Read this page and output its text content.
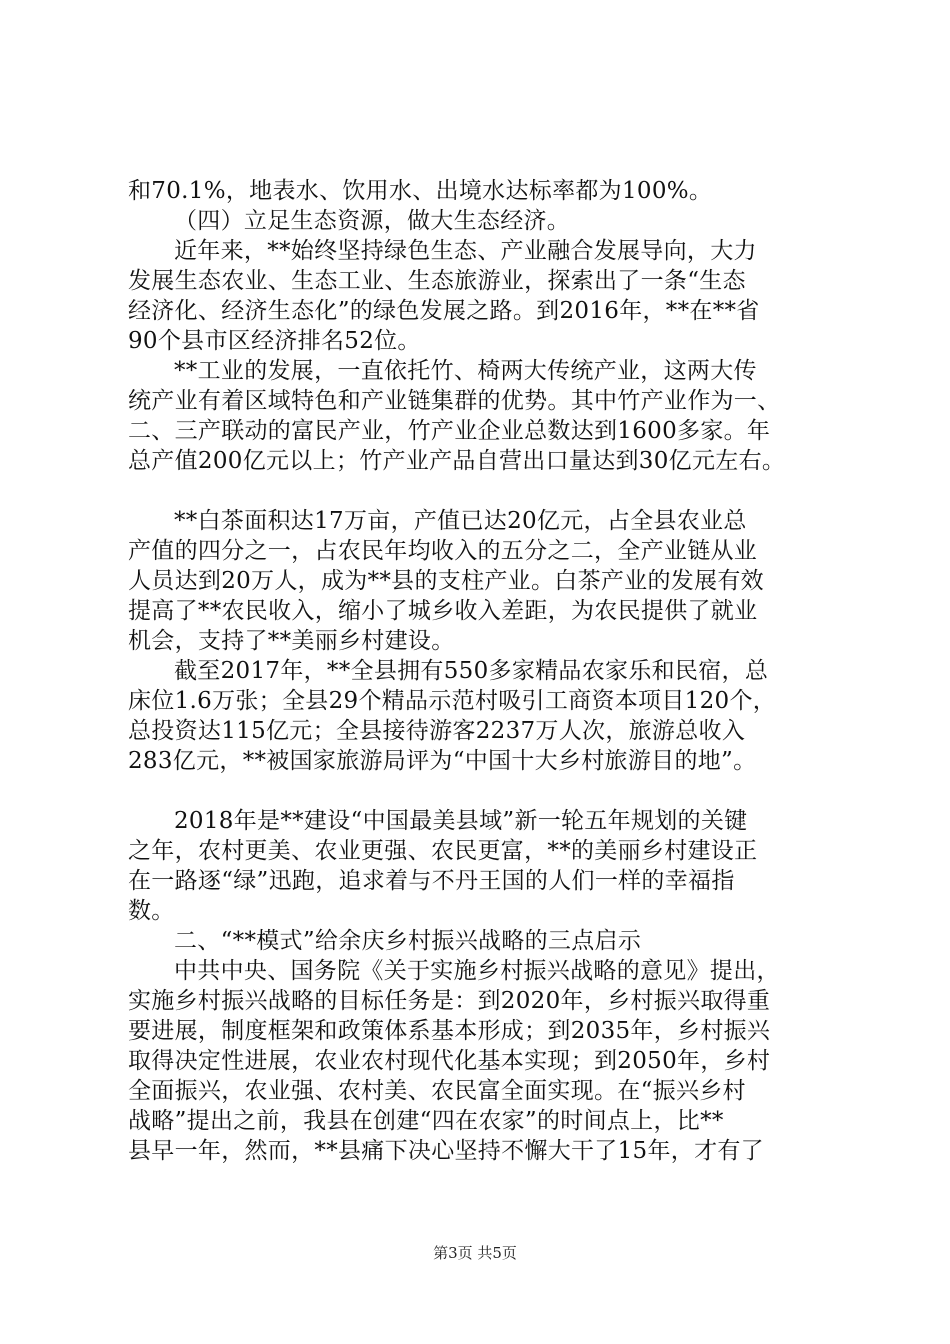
和70.1%，地表水、饮用水、出境水达标率都为100%。
（四）立足生态资源，做大生态经济。
近年来，**始终坚持绿色生态、产业融合发展导向，大力
发展生态农业、生态工业、生态旅游业，探索出了一条“生态
经济化、经济生态化”的绿色发展之路。到2016年，**在**省
90个县市区经济排名52位。
**工业的发展，一直依托竹、椅两大传统产业，这两大传
统产业有着区域特色和产业链集群的优势。其中竹产业作为一、
二、三产联动的富民产业，竹产业企业总数达到1600多家。年
总产值200亿元以上；竹产业产品自营出口量达到30亿元左右。
**白茶面积达17万亩，产值已达20亿元，占全县农业总
产值的四分之一，占农民年均收入的五分之二，全产业链从业
人员达到20万人，成为**县的支柱产业。白茶产业的发展有效
提高了**农民收入，缩小了城乡收入差距，为农民提供了就业
机会，支持了**美丽乡村建设。
截至2017年，**全县拥有550多家精品农家乐和民宿，总
床位1.6万张；全县29个精品示范村吸引工商资本项目120个，
总投资达115亿元；全县接待游客2237万人次，旅游总收入
283亿元，**被国家旅游局评为“中国十大乡村旅游目的地”。
2018年是**建设“中国最美县域”新一轮五年规划的关键
之年，农村更美、农业更强、农民更富，**的美丽乡村建设正
在一路逐“绿”迅跑，追求着与不丹王国的人们一样的幸福指
数。
二、“**模式”给余庆乡村振兴战略的三点启示
中共中央、国务院《关于实施乡村振兴战略的意见》提出，
实施乡村振兴战略的目标任务是：到2020年，乡村振兴取得重
要进展，制度框架和政策体系基本形成；到2035年，乡村振兴
取得决定性进展，农业农村现代化基本实现；到2050年，乡村
全面振兴，农业强、农村美、农民富全面实现。在“振兴乡村
战略”提出之前，我县在创建“四在农家”的时间点上，比**
县早一年，然而，**县痛下决心坚持不懈大干了15年，才有了
第3页 共5页
